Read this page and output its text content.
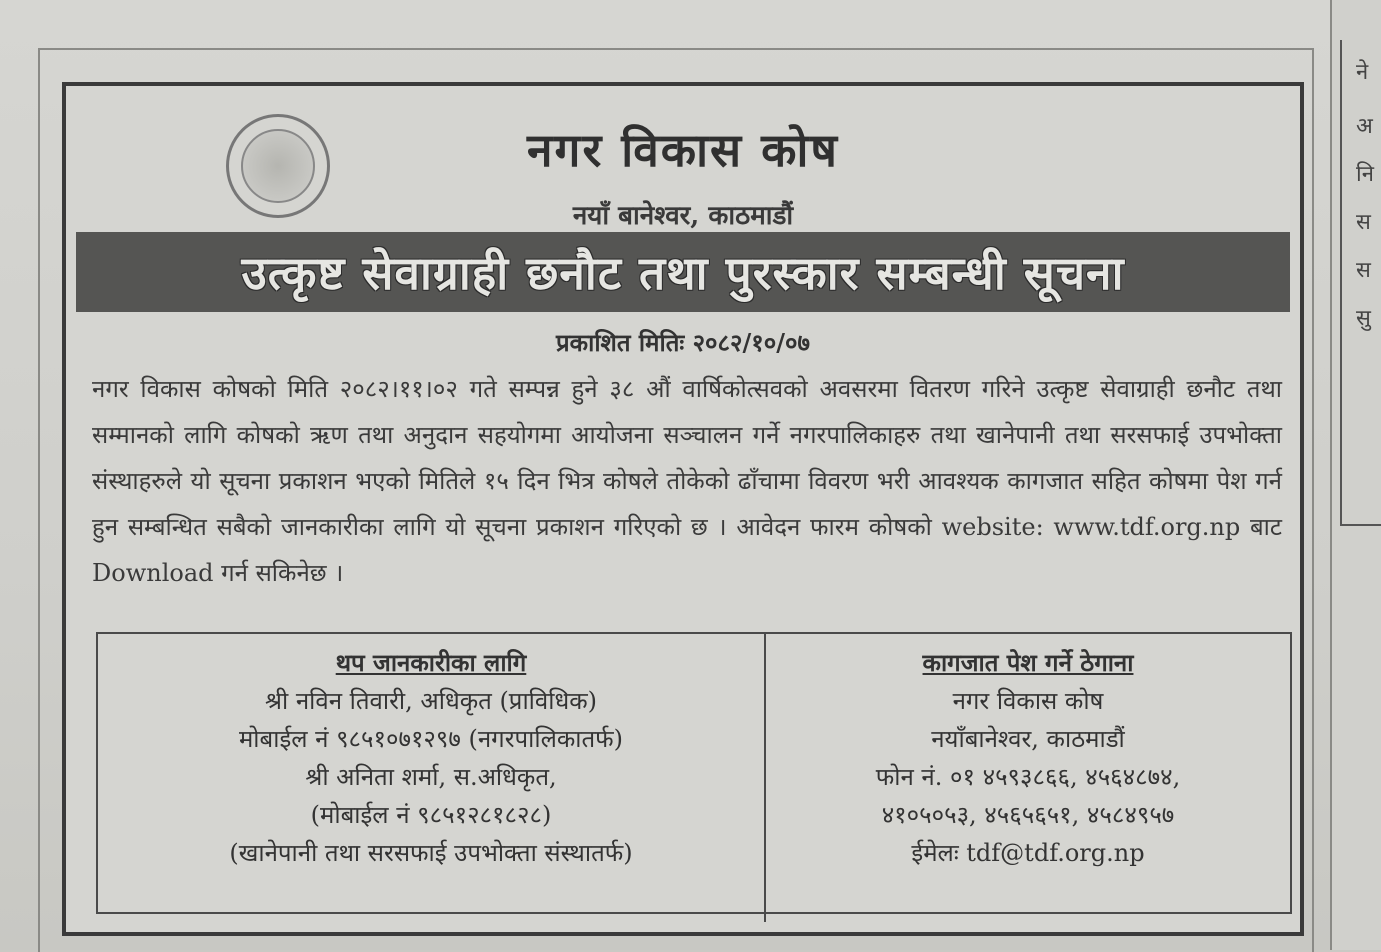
नगर विकास कोष
नयाँ बानेश्वर, काठमाडौं
उत्कृष्ट सेवाग्राही छनौट तथा पुरस्कार सम्बन्धी सूचना
प्रकाशित मितिः २०८२/१०/०७
नगर विकास कोषको मिति २०८२।११।०२ गते सम्पन्न हुने ३८ औं वार्षिकोत्सवको अवसरमा वितरण गरिने उत्कृष्ट सेवाग्राही छनौट तथा सम्मानको लागि कोषको ऋण तथा अनुदान सहयोगमा आयोजना सञ्चालन गर्ने नगरपालिकाहरु तथा खानेपानी तथा सरसफाई उपभोक्ता संस्थाहरुले यो सूचना प्रकाशन भएको मितिले १५ दिन भित्र कोषले तोकेको ढाँचामा विवरण भरी आवश्यक कागजात सहित कोषमा पेश गर्न हुन सम्बन्धित सबैको जानकारीका लागि यो सूचना प्रकाशन गरिएको छ । आवेदन फारम कोषको website: www.tdf.org.np बाट Download गर्न सकिनेछ ।
थप जानकारीका लागि
श्री नविन तिवारी, अधिकृत (प्राविधिक)
मोबाईल नं ९८५१०७१२९७ (नगरपालिकातर्फ)
श्री अनिता शर्मा, स.अधिकृत,
(मोबाईल नं ९८५१२८१८२८)
(खानेपानी तथा सरसफाई उपभोक्ता संस्थातर्फ)
कागजात पेश गर्ने ठेगाना
नगर विकास कोष
नयाँबानेश्वर, काठमाडौं
फोन नं. ०१ ४५९३८६६, ४५६४८७४,
४१०५०५३, ४५६५६५१, ४५८४९५७
ईमेलः tdf@tdf.org.np
ने
अ
नि
स
स
सु
